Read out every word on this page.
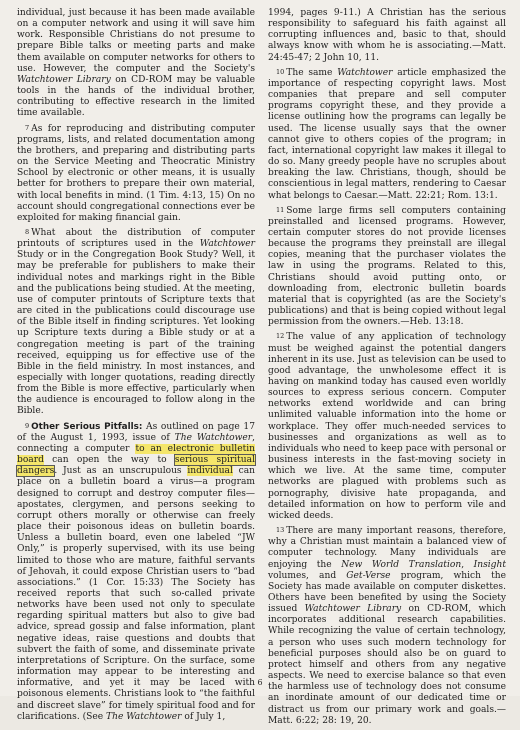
individual, just because it has been made available on a computer network and using it will save him work. Responsible Christians do not presume to prepare Bible talks or meeting parts and make them available on computer networks for others to use. However, the computer and the Society's Watchtower Library on CD-ROM may be valuable tools in the hands of the individual brother, contributing to effective research in the limited time available.

7 As for reproducing and distributing computer programs, lists, and related documentation among the brothers, and preparing and distributing parts on the Service Meeting and Theocratic Ministry School by electronic or other means, it is usually better for brothers to prepare their own material, with local benefits in mind. (1 Tim. 4:13, 15) On no account should congregational connections ever be exploited for making financial gain.

8 What about the distribution of computer printouts of scriptures used in the Watchtower Study or in the Congregation Book Study? Well, it may be preferable for publishers to make their individual notes and markings right in the Bible and the publications being studied. At the meeting, use of computer printouts of Scripture texts that are cited in the publications could discourage use of the Bible itself in finding scriptures. Yet looking up Scripture texts during a Bible study or at a congregation meeting is part of the training received, equipping us for effective use of the Bible in the field ministry. In most instances, and especially with longer quotations, reading directly from the Bible is more effective, particularly when the audience is encouraged to follow along in the Bible.

9 Other Serious Pitfalls: As outlined on page 17 of the August 1, 1993, issue of The Watchtower, connecting a computer to an electronic bulletin board can open the way to serious spiritual dangers. Just as an unscrupulous individual can place on a bulletin board a virus—a program designed to corrupt and destroy computer files—apostates, clergymen, and persons seeking to corrupt others morally or otherwise can freely place their poisonous ideas on bulletin boards. Unless a bulletin board, even one labeled “JW Only,” is properly supervised, with its use being limited to those who are mature, faithful servants of Jehovah, it could expose Christian users to “bad associations.” (1 Cor. 15:33) The Society has received reports that such so-called private networks have been used not only to speculate regarding spiritual matters but also to give bad advice, spread gossip and false information, plant negative ideas, raise questions and doubts that subvert the faith of some, and disseminate private interpretations of Scripture. On the surface, some information may appear to be interesting and informative, and yet it may be laced with poisonous elements. Christians look to “the faithful and discreet slave” for timely spiritual food and for clarifications. (See The Watchtower of July 1,

1994, pages 9-11.) A Christian has the serious responsibility to safeguard his faith against all corrupting influences and, basic to that, should always know with whom he is associating.—Matt. 24:45-47; 2 John 10, 11.

10 The same Watchtower article emphasized the importance of respecting copyright laws. Most companies that prepare and sell computer programs copyright these, and they provide a license outlining how the programs can legally be used. The license usually says that the owner cannot give to others copies of the program; in fact, international copyright law makes it illegal to do so. Many greedy people have no scruples about breaking the law. Christians, though, should be conscientious in legal matters, rendering to Caesar what belongs to Caesar.—Matt. 22:21; Rom. 13:1.

11 Some large firms sell computers containing preinstalled and licensed programs. However, certain computer stores do not provide licenses because the programs they preinstall are illegal copies, meaning that the purchaser violates the law in using the programs. Related to this, Christians should avoid putting onto, or downloading from, electronic bulletin boards material that is copyrighted (as are the Society's publications) and that is being copied without legal permission from the owners.—Heb. 13:18.

12 The value of any application of technology must be weighed against the potential dangers inherent in its use. Just as television can be used to good advantage, the unwholesome effect it is having on mankind today has caused even worldly sources to express serious concern. Computer networks extend worldwide and can bring unlimited valuable information into the home or workplace. They offer much-needed services to businesses and organizations as well as to individuals who need to keep pace with personal or business interests in the fast-moving society in which we live. At the same time, computer networks are plagued with problems such as pornography, divisive hate propaganda, and detailed information on how to perform vile and wicked deeds.

13 There are many important reasons, therefore, why a Christian must maintain a balanced view of computer technology. Many individuals are enjoying the New World Translation, Insight volumes, and Get-Verse program, which the Society has made available on computer diskettes. Others have been benefited by using the Society issued Watchtower Library on CD-ROM, which incorporates additional research capabilities. While recognizing the value of certain technology, a person who uses such modern technology for beneficial purposes should also be on guard to protect himself and others from any negative aspects. We need to exercise balance so that even the harmless use of technology does not consume an inordinate amount of our dedicated time or distract us from our primary work and goals.—Matt. 6:22; 28: 19, 20.

6
